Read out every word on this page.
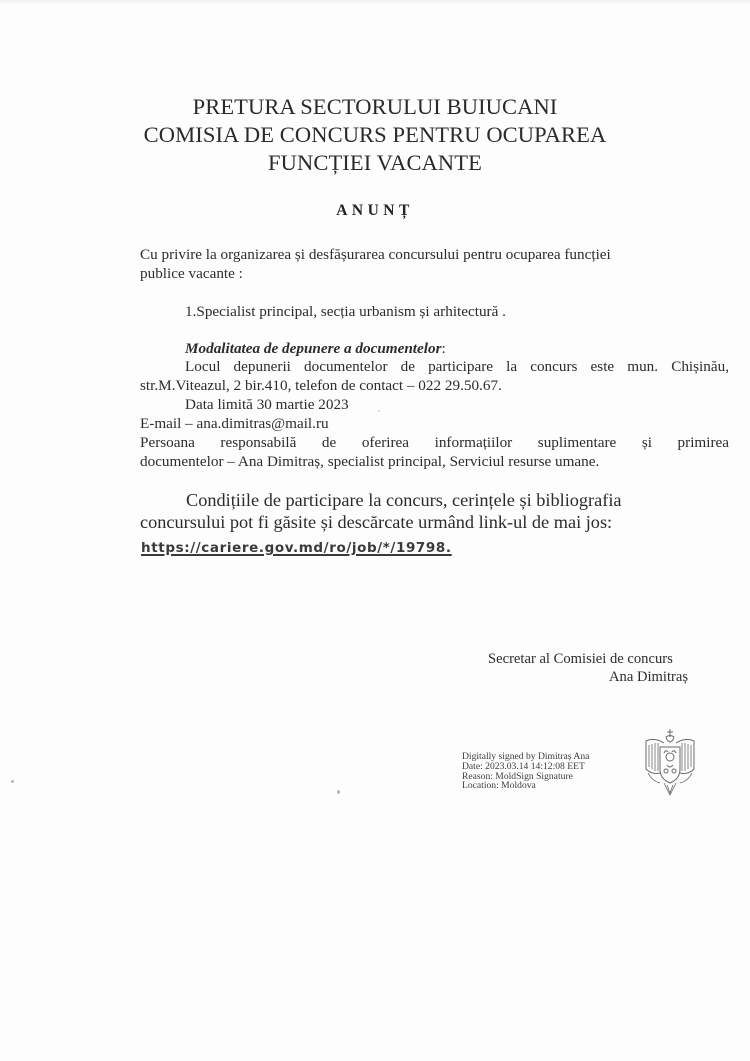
PRETURA SECTORULUI BUIUCANI
COMISIA DE CONCURS PENTRU OCUPAREA
FUNCȚIEI VACANTE
ANUNȚ
Cu privire la organizarea și desfășurarea concursului pentru ocuparea funcției
publice vacante :
1.Specialist principal, secția urbanism și arhitectură .
Modalitatea de depunere a documentelor:
Locul depunerii documentelor de participare la concurs este mun. Chișinău,
str.M.Viteazul, 2 bir.410, telefon de contact – 022 29.50.67.
Data limită 30 martie 2023
E-mail – ana.dimitras@mail.ru
Persoana responsabilă de oferirea informațiilor suplimentare și primirea
documentelor – Ana Dimitraș, specialist principal, Serviciul resurse umane.
Condițiile de participare la concurs, cerințele și bibliografia
concursului pot fi găsite și descărcate urmând link-ul de mai jos:
https://cariere.gov.md/ro/job/*/19798.
Secretar al Comisiei de concurs
Ana Dimitraș
Digitally signed by Dimitraș Ana
Date: 2023.03.14 14:12:08 EET
Reason: MoldSign Signature
Location: Moldova
